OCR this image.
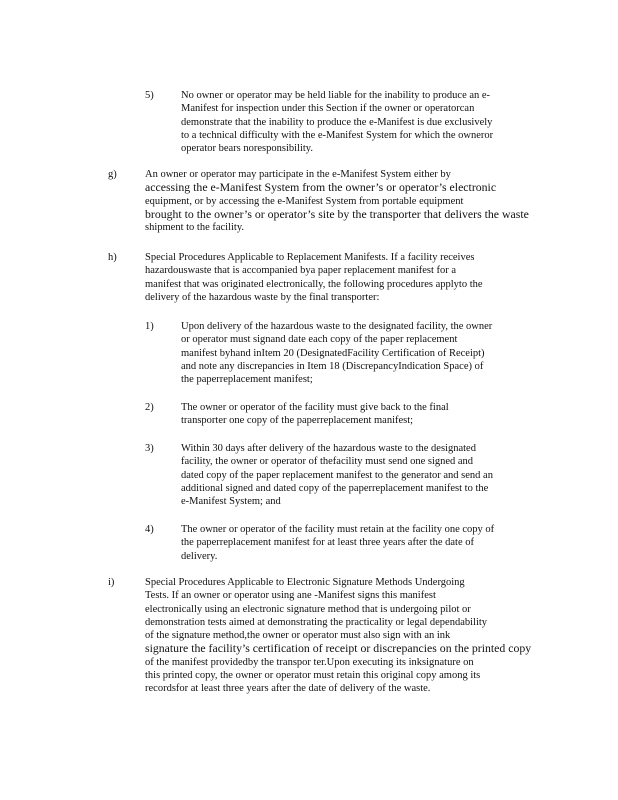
5)	No owner or operator may be held liable for the inability to produce an e-
Manifest for inspection under this Section if the owner or operatorcan
demonstrate that the inability to produce the e-Manifest is due exclusively
to a technical difficulty with the e-Manifest System for which the owneror
operator bears noresponsibility.
g)	An owner or operator may participate in the e-Manifest System either by
accessing the e-Manifest System from the owner’s or operator’s electronic
equipment, or by accessing the e-Manifest System from portable equipment
brought to the owner’s or operator’s site by the transporter that delivers the waste
shipment to the facility.
h)	Special Procedures Applicable to Replacement Manifests. If a facility receives
hazardouswaste that is accompanied bya paper replacement manifest for a
manifest that was originated electronically, the following procedures applyto the
delivery of the hazardous waste by the final transporter:
1)	Upon delivery of the hazardous waste to the designated facility, the owner
or operator must signand date each copy of the paper replacement
manifest byhand inItem 20 (DesignatedFacility Certification of Receipt)
and note any discrepancies in Item 18 (DiscrepancyIndication Space) of
the paperreplacement manifest;
2)	The owner or operator of the facility must give back to the final
transporter one copy of the paperreplacement manifest;
3)	Within 30 days after delivery of the hazardous waste to the designated
facility, the owner or operator of thefacility must send one signed and
dated copy of the paper replacement manifest to the generator and send an
additional signed and dated copy of the paperreplacement manifest to the
e-Manifest System; and
4)	The owner or operator of the facility must retain at the facility one copy of
the paperreplacement manifest for at least three years after the date of
delivery.
i)	Special Procedures Applicable to Electronic Signature Methods Undergoing
Tests. If an owner or operator using ane -Manifest signs this manifest
electronically using an electronic signature method that is undergoing pilot or
demonstration tests aimed at demonstrating the practicality or legal dependability
of the signature method,the owner or operator must also sign with an ink
signature the facility’s certification of receipt or discrepancies on the printed copy
of the manifest providedby the transpor ter.Upon executing its inksignature on
this printed copy, the owner or operator must retain this original copy among its
recordsfor at least three years after the date of delivery of the waste.
